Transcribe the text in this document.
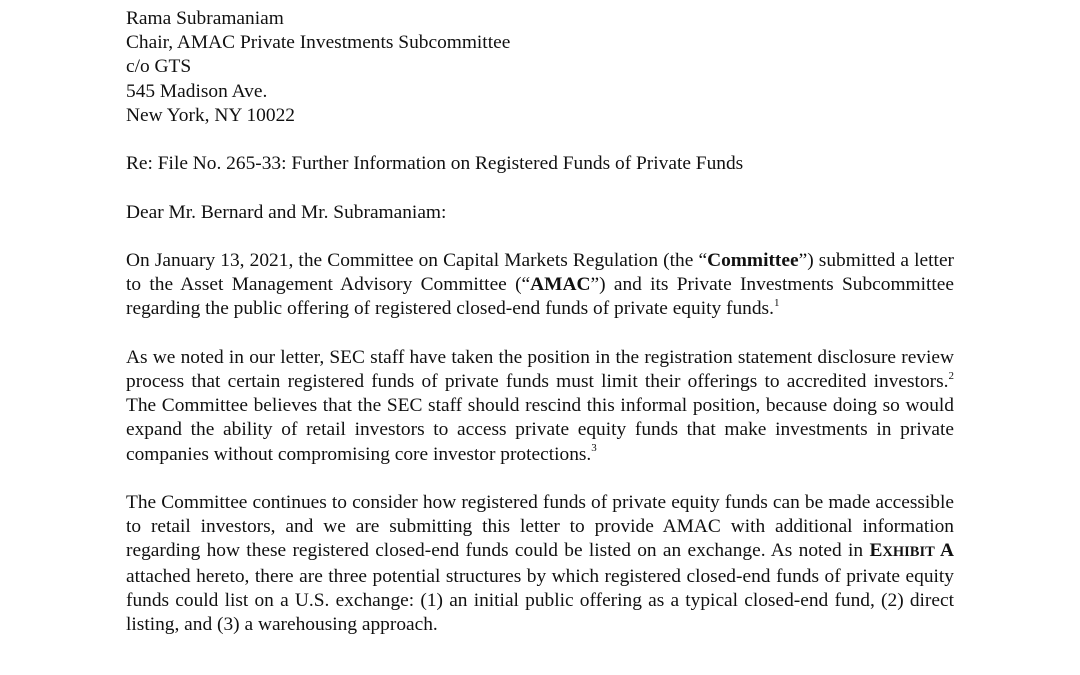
Rama Subramaniam
Chair, AMAC Private Investments Subcommittee
c/o GTS
545 Madison Ave.
New York, NY 10022
Re: File No. 265-33: Further Information on Registered Funds of Private Funds
Dear Mr. Bernard and Mr. Subramaniam:

On January 13, 2021, the Committee on Capital Markets Regulation (the “Committee”) submitted a letter to the Asset Management Advisory Committee (“AMAC”) and its Private Investments Subcommittee regarding the public offering of registered closed-end funds of private equity funds.$^1$

As we noted in our letter, SEC staff have taken the position in the registration statement disclosure review process that certain registered funds of private funds must limit their offerings to accredited investors.$^2$ The Committee believes that the SEC staff should rescind this informal position, because doing so would expand the ability of retail investors to access private equity funds that make investments in private companies without compromising core investor protections.$^3$

The Committee continues to consider how registered funds of private equity funds can be made accessible to retail investors, and we are submitting this letter to provide AMAC with additional information regarding how these registered closed-end funds could be listed on an exchange. As noted in EXHIBIT A attached hereto, there are three potential structures by which registered closed-end funds of private equity funds could list on a U.S. exchange: (1) an initial public offering as a typical closed-end fund, (2) direct listing, and (3) a warehousing approach.
